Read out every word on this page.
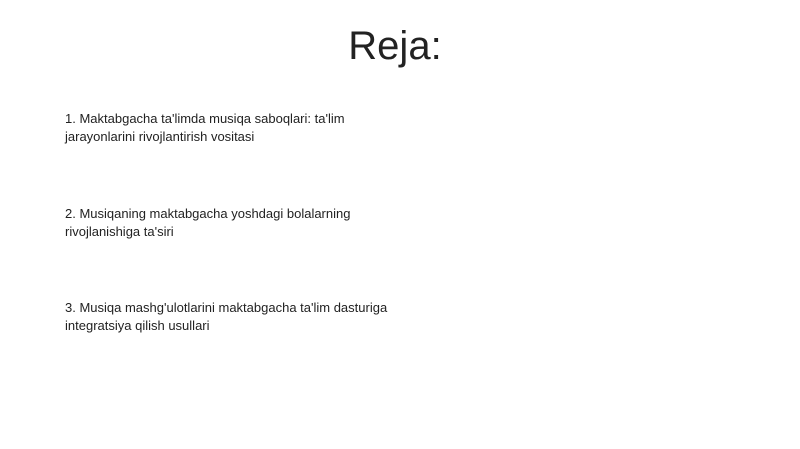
Reja:
1. Maktabgacha ta'limda musiqa saboqlari: ta'lim jarayonlarini rivojlantirish vositasi
2. Musiqaning maktabgacha yoshdagi bolalarning rivojlanishiga ta'siri
3. Musiqa mashg'ulotlarini maktabgacha ta'lim dasturiga integratsiya qilish usullari
